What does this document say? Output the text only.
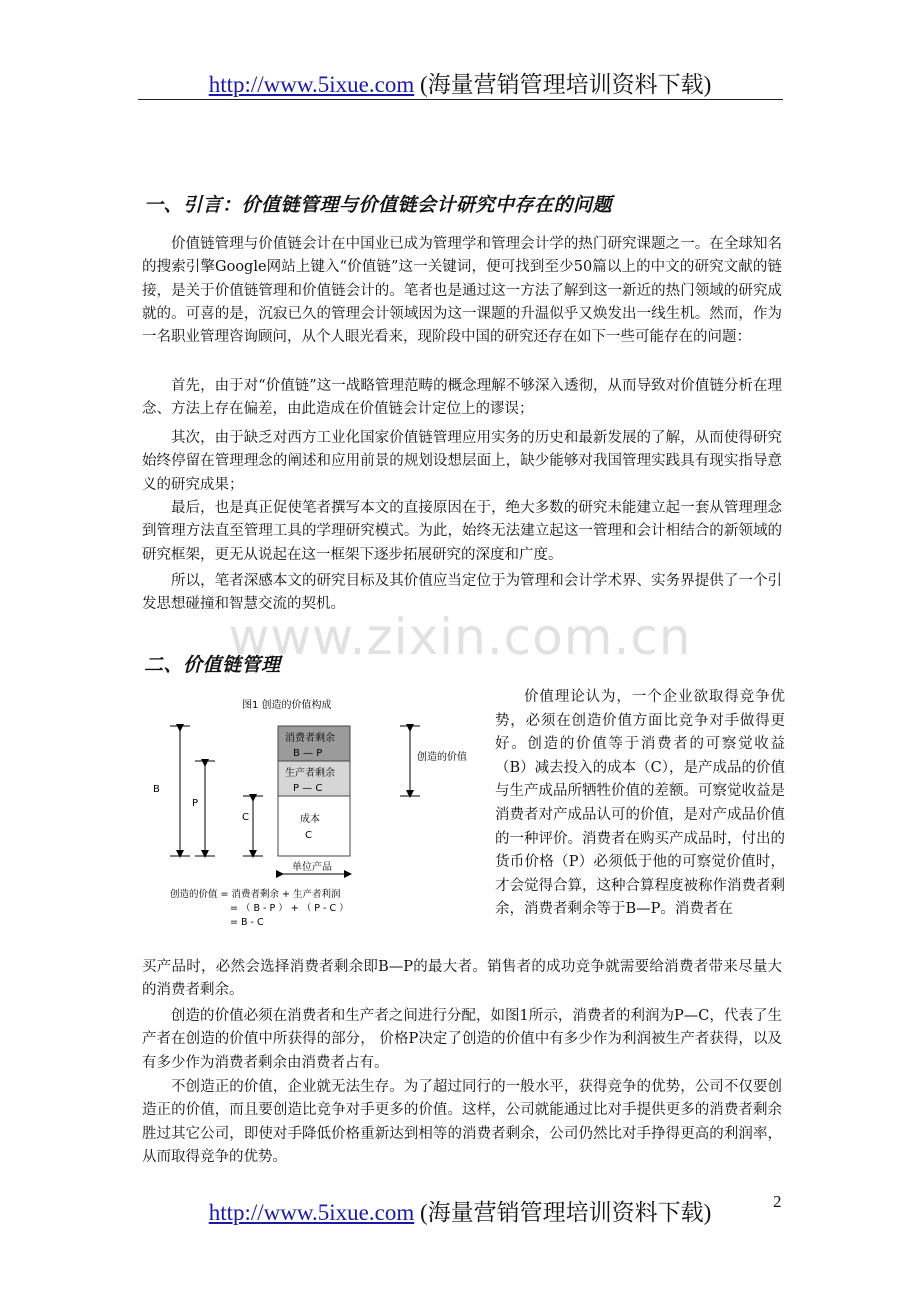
http://www.5ixue.com (海量营销管理培训资料下载)
一、引言：价值链管理与价值链会计研究中存在的问题

价值链管理与价值链会计在中国业已成为管理学和管理会计学的热门研究课题之一。在全球知名的搜索引擎Google网站上键入“价值链”这一关键词，便可找到至少50篇以上的中文的研究文献的链接，是关于价值链管理和价值链会计的。笔者也是通过这一方法了解到这一新近的热门领域的研究成就的。可喜的是，沉寂已久的管理会计领域因为这一课题的升温似乎又焕发出一线生机。然而，作为一名职业管理咨询顾问，从个人眼光看来，现阶段中国的研究还存在如下一些可能存在的问题：

首先，由于对“价值链”这一战略管理范畴的概念理解不够深入透彻，从而导致对价值链分析在理念、方法上存在偏差，由此造成在价值链会计定位上的谬误；

其次，由于缺乏对西方工业化国家价值链管理应用实务的历史和最新发展的了解，从而使得研究始终停留在管理理念的阐述和应用前景的规划设想层面上，缺少能够对我国管理实践具有现实指导意义的研究成果；

最后，也是真正促使笔者撰写本文的直接原因在于，绝大多数的研究未能建立起一套从管理理念到管理方法直至管理工具的学理研究模式。为此，始终无法建立起这一管理和会计相结合的新领域的研究框架，更无从说起在这一框架下逐步拓展研究的深度和广度。

所以，笔者深感本文的研究目标及其价值应当定位于为管理和会计学术界、实务界提供了一个引发思想碰撞和智慧交流的契机。

www.zixin.com.cn
二、价值链管理
图1 创造的价值构成
消费者剩余
B — P
生产者剩余
P — C
成本
C
B
P
C
单位产品
创造的价值
创造的价值 = 消费者剩余 + 生产者利润
= （ B - P ） + （ P - C ）
= B - C

价值理论认为，一个企业欲取得竞争优势，必须在创造价值方面比竞争对手做得更好。创造的价值等于消费者的可察觉收益（B）减去投入的成本（C），是产成品的价值与生产成品所牺牲价值的差额。可察觉收益是消费者对产成品认可的价值，是对产成品价值的一种评价。消费者在购买产成品时，付出的货币价格（P）必须低于他的可察觉价值时，才会觉得合算，这种合算程度被称作消费者剩余，消费者剩余等于B—P。消费者在

买产品时，必然会选择消费者剩余即B—P的最大者。销售者的成功竞争就需要给消费者带来尽量大的消费者剩余。

创造的价值必须在消费者和生产者之间进行分配，如图1所示，消费者的利润为P—C，代表了生产者在创造的价值中所获得的部分， 价格P决定了创造的价值中有多少作为利润被生产者获得，以及有多少作为消费者剩余由消费者占有。

不创造正的价值，企业就无法生存。为了超过同行的一般水平，获得竞争的优势，公司不仅要创造正的价值，而且要创造比竞争对手更多的价值。这样，公司就能通过比对手提供更多的消费者剩余胜过其它公司，即使对手降低价格重新达到相等的消费者剩余，公司仍然比对手挣得更高的利润率，从而取得竞争的优势。

http://www.5ixue.com (海量营销管理培训资料下载)	2
